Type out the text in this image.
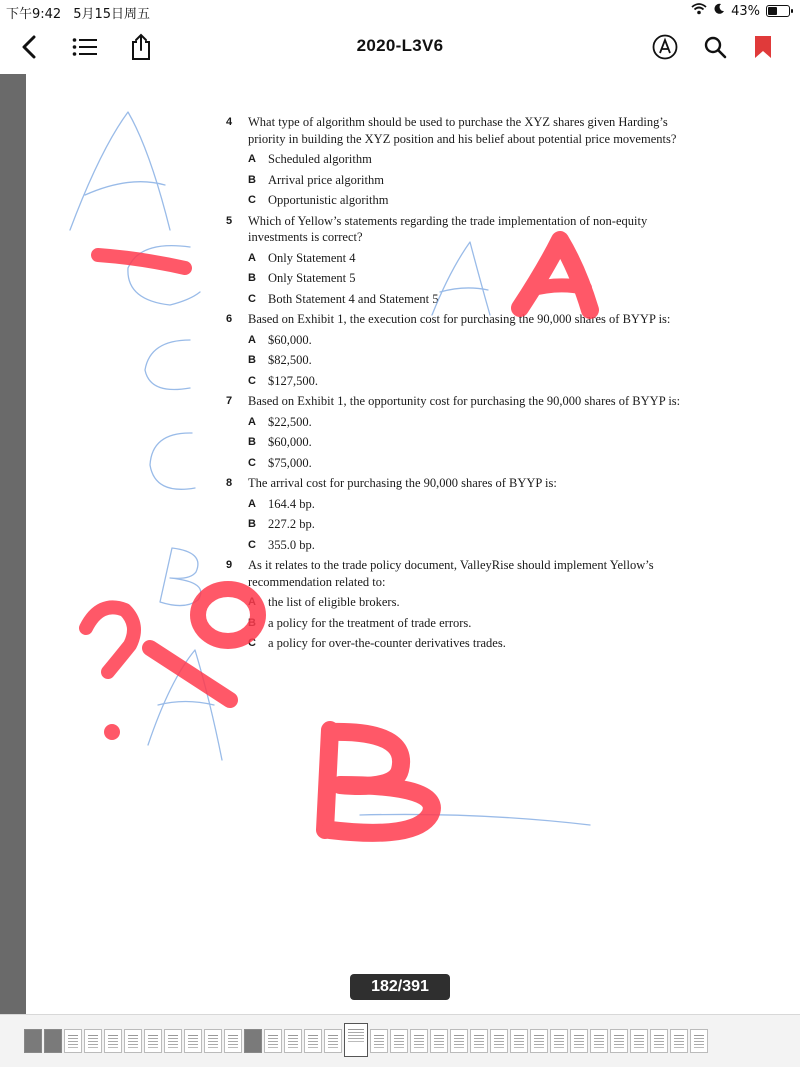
下午9:42 5月15日周五	43%
2020-L3V6
4 What type of algorithm should be used to purchase the XYZ shares given Harding’s priority in building the XYZ position and his belief about potential price movements?
A Scheduled algorithm
B Arrival price algorithm
C Opportunistic algorithm
5 Which of Yellow’s statements regarding the trade implementation of non-equity investments is correct?
A Only Statement 4
B Only Statement 5
C Both Statement 4 and Statement 5
6 Based on Exhibit 1, the execution cost for purchasing the 90,000 shares of BYYP is:
A $60,000.
B $82,500.
C $127,500.
7 Based on Exhibit 1, the opportunity cost for purchasing the 90,000 shares of BYYP is:
A $22,500.
B $60,000.
C $75,000.
8 The arrival cost for purchasing the 90,000 shares of BYYP is:
A 164.4 bp.
B 227.2 bp.
C 355.0 bp.
9 As it relates to the trade policy document, ValleyRise should implement Yellow’s recommendation related to:
A the list of eligible brokers.
B a policy for the treatment of trade errors.
C a policy for over-the-counter derivatives trades.
182/391
